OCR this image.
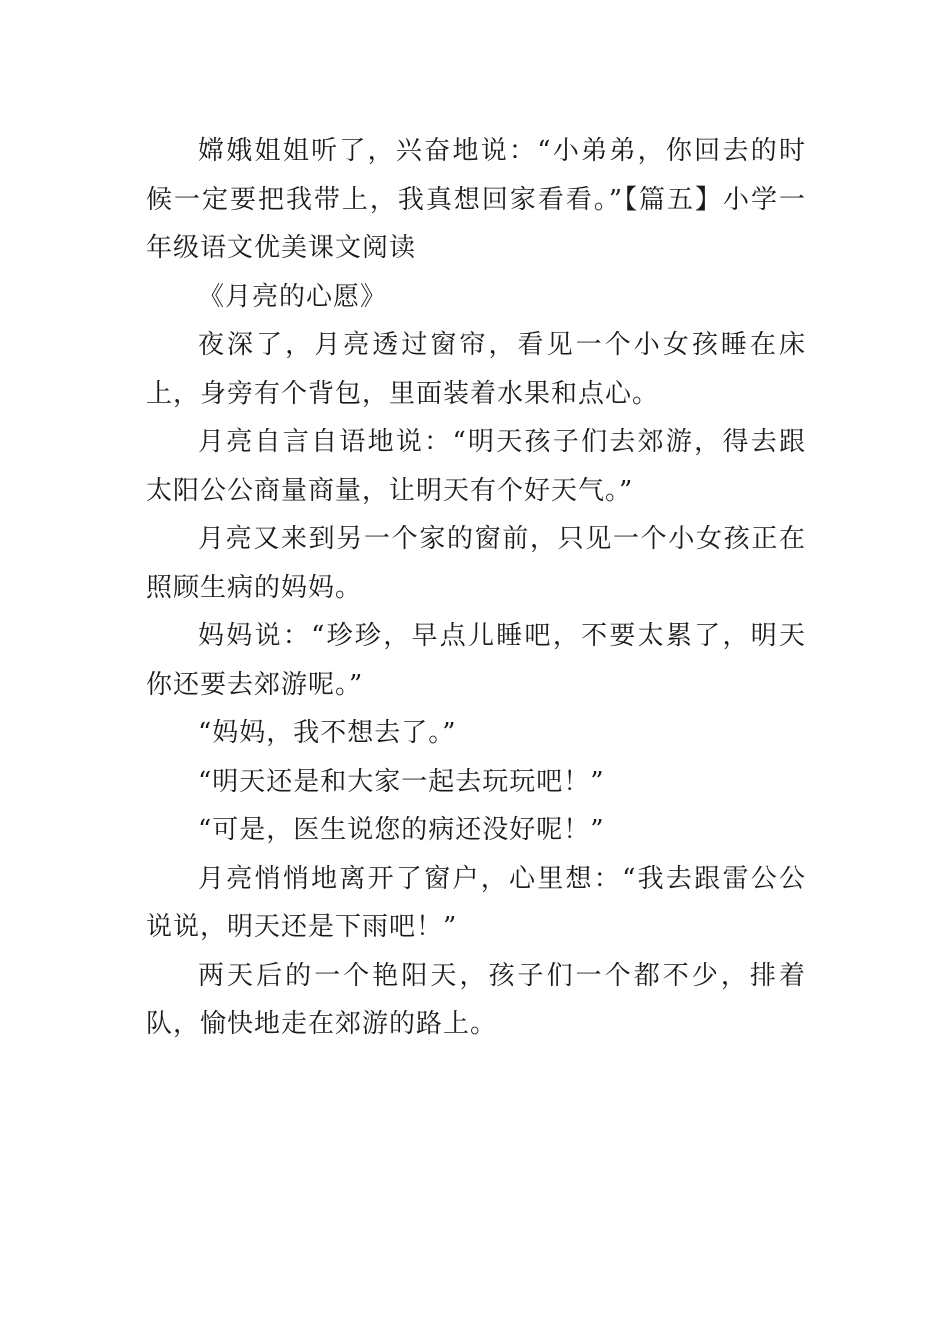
嫦娥姐姐听了，兴奋地说：“小弟弟，你回去的时候一定要把我带上，我真想回家看看。”【篇五】小学一年级语文优美课文阅读

《月亮的心愿》

夜深了，月亮透过窗帘，看见一个小女孩睡在床上，身旁有个背包，里面装着水果和点心。

月亮自言自语地说：“明天孩子们去郊游，得去跟太阳公公商量商量，让明天有个好天气。”

月亮又来到另一个家的窗前，只见一个小女孩正在照顾生病的妈妈。

妈妈说：“珍珍，早点儿睡吧，不要太累了，明天你还要去郊游呢。”

“妈妈，我不想去了。”

“明天还是和大家一起去玩玩吧！”

“可是，医生说您的病还没好呢！”

月亮悄悄地离开了窗户，心里想：“我去跟雷公公说说，明天还是下雨吧！”

两天后的一个艳阳天，孩子们一个都不少，排着队，愉快地走在郊游的路上。
